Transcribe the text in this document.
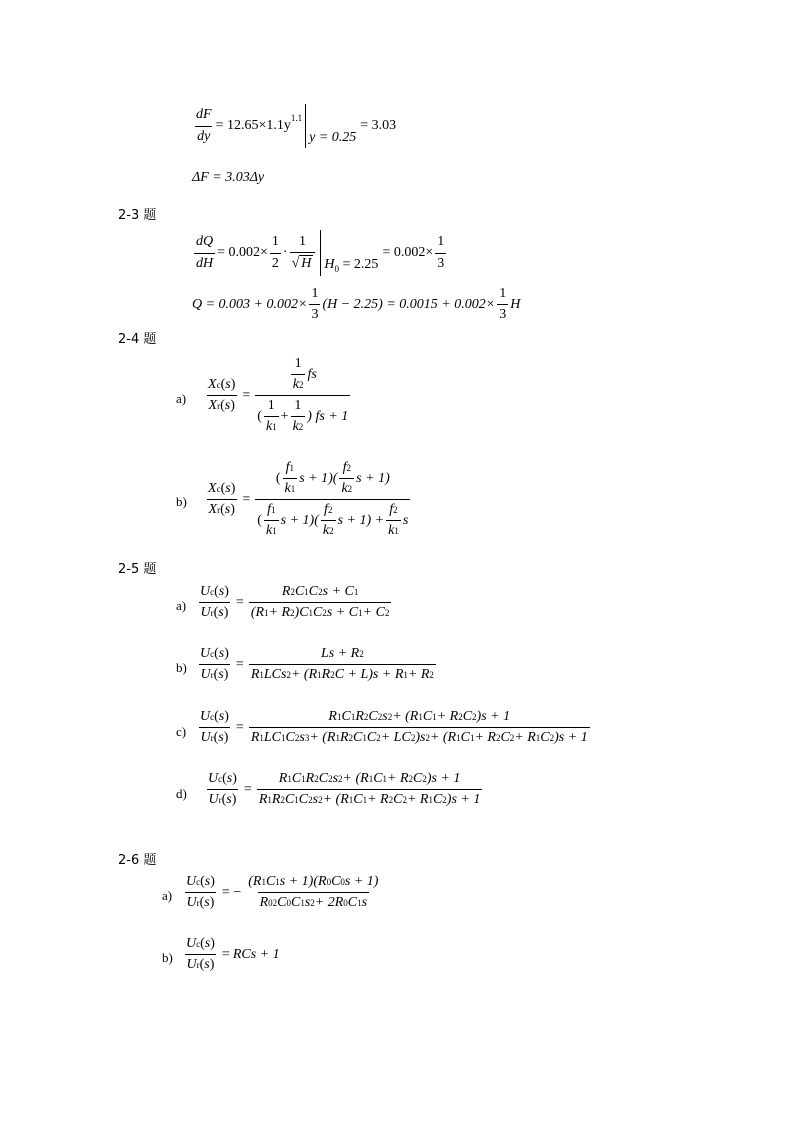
$\frac{dF}{dy} = 12.65\times 1.1y^{1.1}$
y = 0.25
= 3.03
ΔF = 3.03Δy
2-3 题
$\frac{dQ}{dH} = 0.002\times \frac{1}{2} \cdot \frac{1}{√ H} H_0 = 2.25$
= $0.002\times \frac{1}{3}$
$Q = 0.003 + 0.002\times \frac{1}{3} (H - 2.25) = 0.0015 + 0.002\times \frac{1}{3}$ H
2-4 题
$a) \frac{\text{X c ( s )}}{\text{X r ( s )}} = \frac{\frac{1}{k 2} fs}{( \frac{1}{k 1} + \frac{1}{k 2} ) fs + 1}$
$b) \frac{\text{X c ( s )}}{\text{X r ( s )}} = \frac{( \frac{f 1}{k 1} s + 1)( \frac{f 2}{k 2} s + 1)}{( \frac{f 1}{k 1} s + 1)( \frac{f 2}{k 2} s + 1) + \frac{f 2}{k 1} s}$
2-5 题
$a) \frac{\text{U c ( s )}}{\text{U r ( s )}} = \frac{R 2 C 1 C 2 s + C 1}{(R 1 + R 2 )C 1 C 2 s + C 1 + C 2}$
$b) \frac{\text{U c ( s )}}{\text{U r ( s )}} = \frac{Ls + R 2}{\text{R 1 LCs 2 + (R 1 R 2 C + L)s + R 1 + R 2}}$
$c) \frac{\text{U c ( s )}}{\text{U r ( s )}} = \frac{R 1 C 1 R 2 C 2 s 2 + (R 1 C 1 + R 2 C 2 )s + 1}{R 1 LC 1 C 2 s 3 + (R 1 R 2 C 1 C 2 + LC 2 )s 2 + (R 1 C 1 + R 2 C 2 + R 1 C 2 )s + 1}$
$d) \frac{\text{U c ( s )}}{\text{U r ( s )}} = \frac{R 1 C 1 R 2 C 2 s 2 + (R 1 C 1 + R 2 C 2 )s + 1}{R 1 R 2 C 1 C 2 s 2 + (R 1 C 1 + R 2 C 2 + R 1 C 2 )s + 1}$
2-6 题
$a) \frac{\text{U c ( s )}}{\text{U r ( s )}}$ = − $\frac{(R 1 C 1 s + 1)(R 0 C 0 s + 1)}{R 0 2 C 0 C 1 s 2 + 2R 0 C 1 s}$
$b) \frac{\text{U c ( s )}}{\text{U r ( s )}}$ = RCs + 1
